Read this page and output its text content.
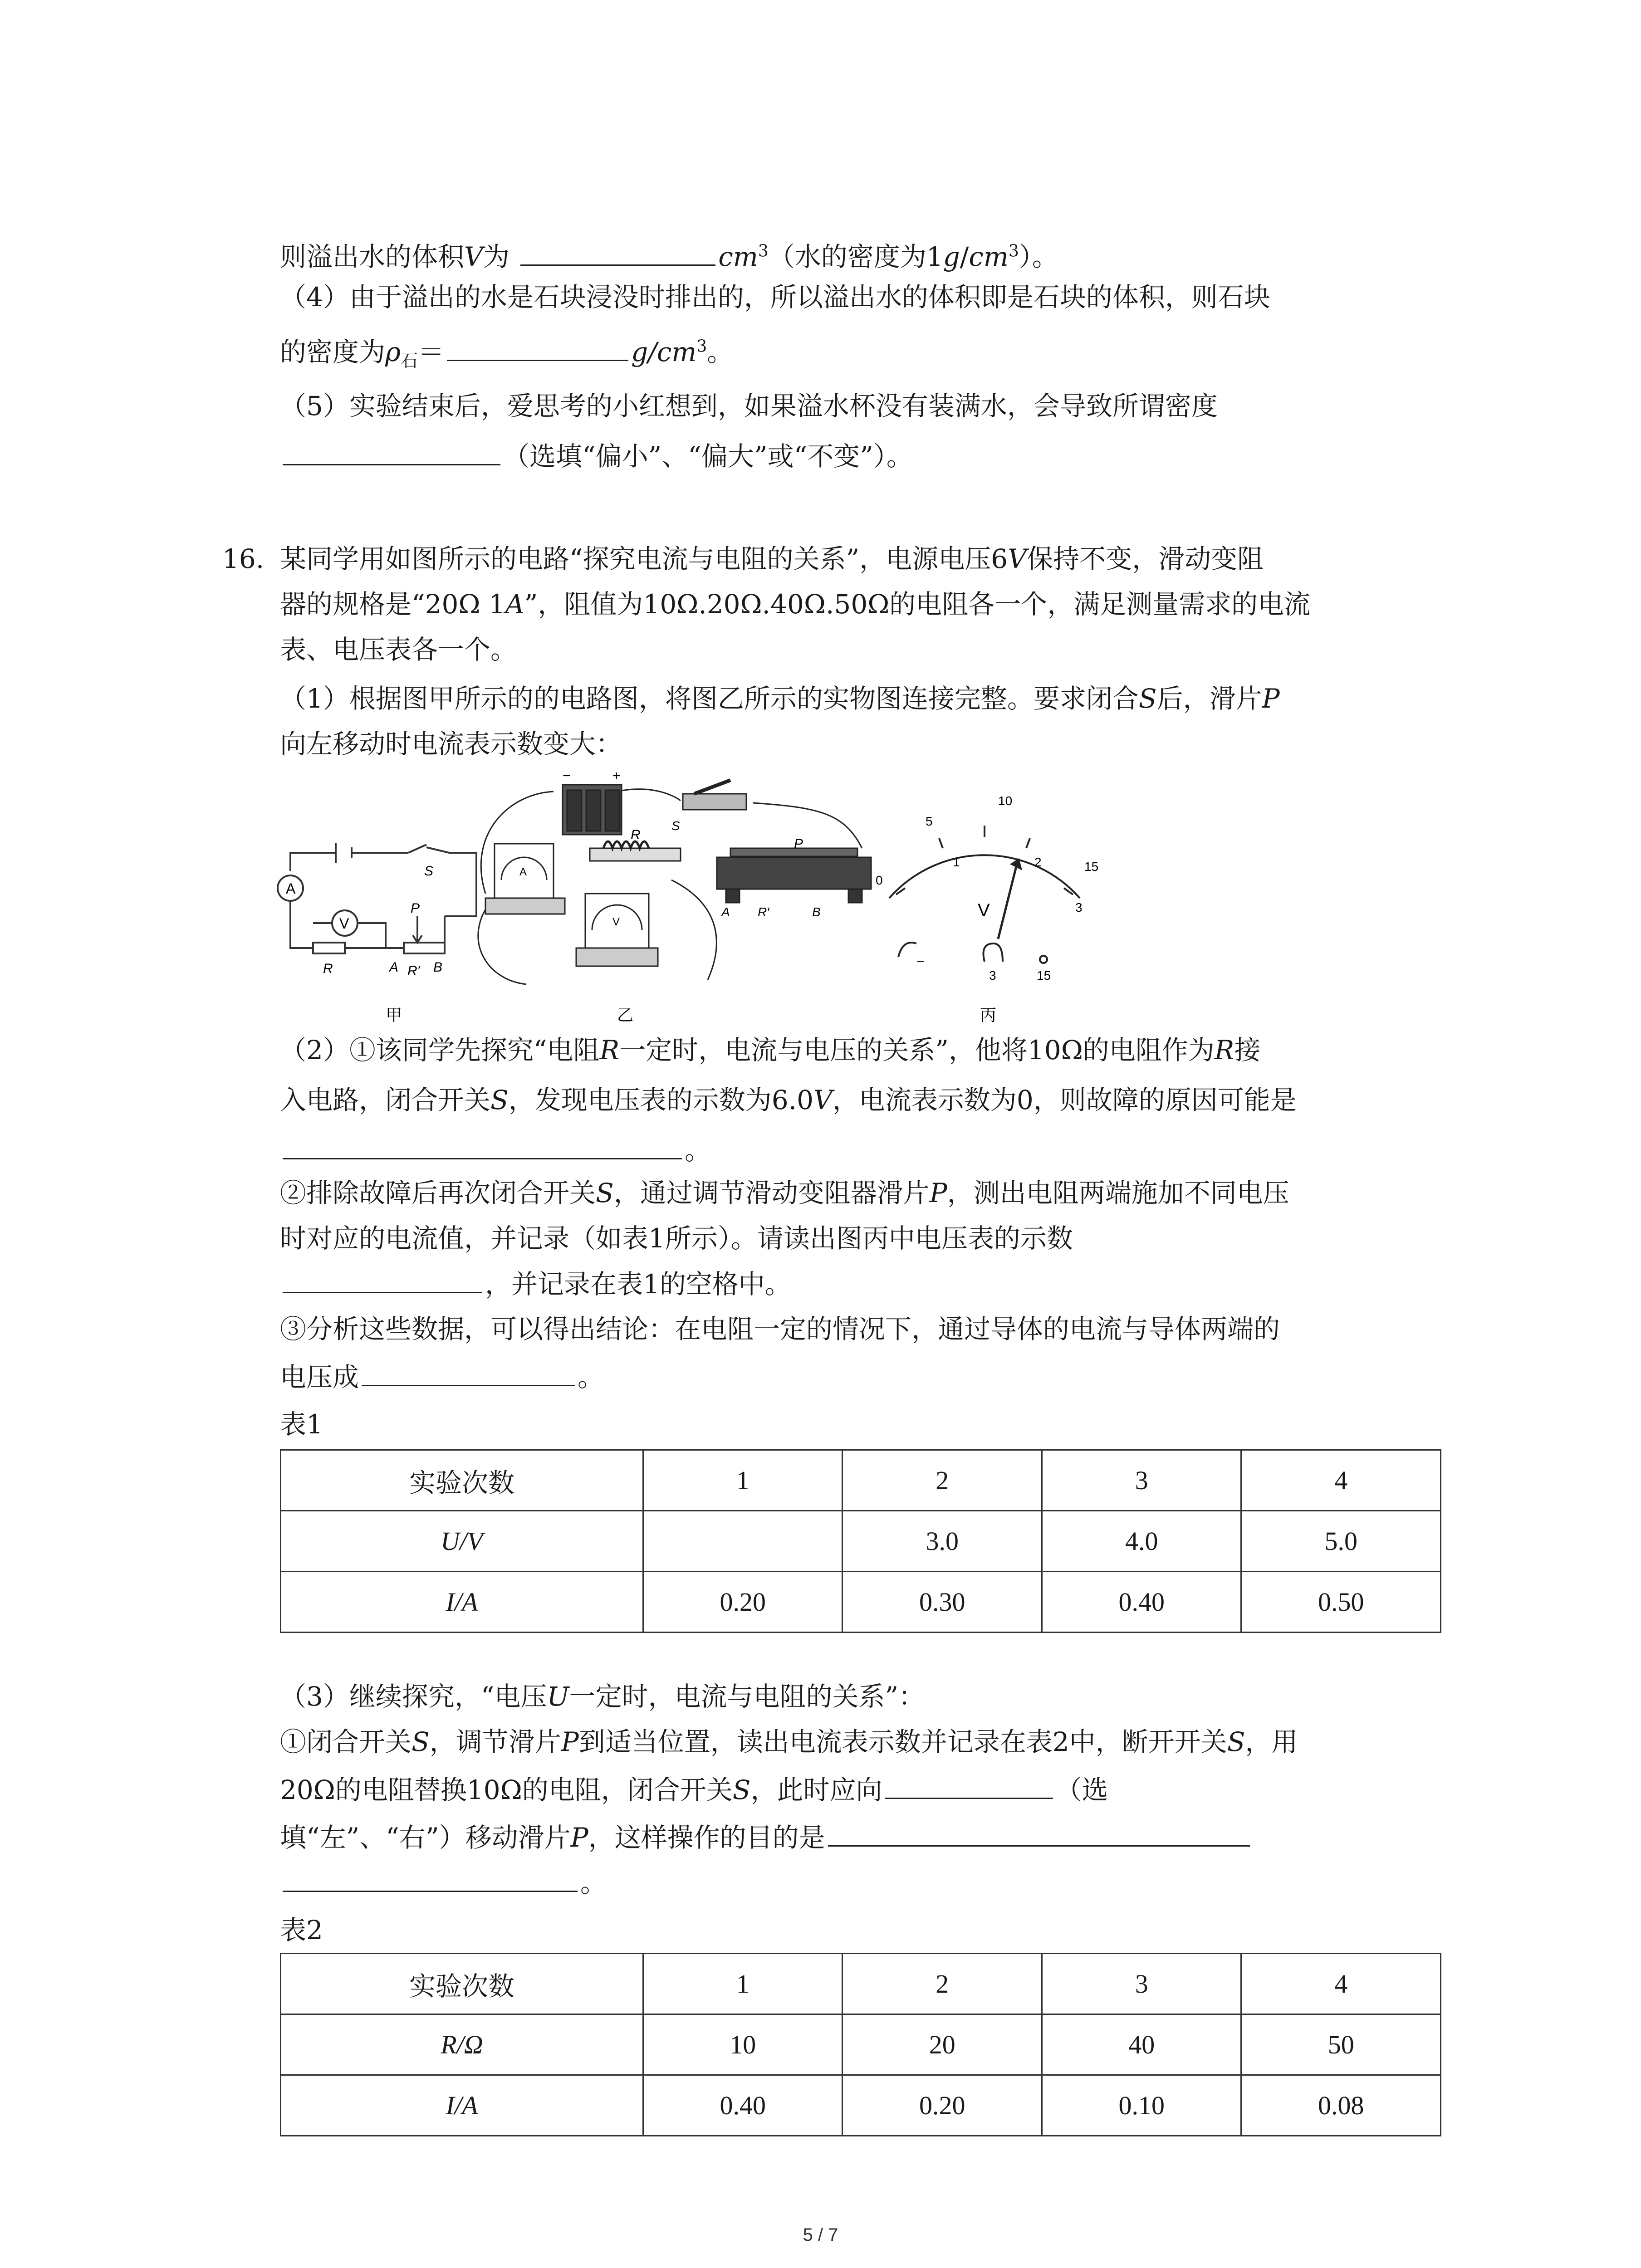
则溢出水的体积V为	$cm^3$（水的密度为$1g/cm^3$）。
（4）由于溢出的水是石块浸没时排出的，所以溢出水的体积即是石块的体积，则石块
的密度为$\rho_石=$	$g/cm^3$。
（5）实验结束后，爱思考的小红想到，如果溢水杯没有装满水，会导致所谓密度
（选填“偏小”、“偏大”或“不变”）。
16. 某同学用如图所示的电路“探究电流与电阻的关系”，电源电压6V保持不变，滑动变阻
器的规格是“20Ω 1A”，阻值为10Ω.20Ω.40Ω.50Ω的电阻各一个，满足测量需求的电流
表、电压表各一个。
（1）根据图甲所示的的电路图，将图乙所示的实物图连接完整。要求闭合S后，滑片P
向左移动时电流表示数变大：
A
V
S
R
P
A R′ B
甲
+
−
S
A
R
V
P
A R′	B
乙
0
5
10
15
1	2
3
V
−
3	15
丙
（2）①该同学先探究“电阻R一定时，电流与电压的关系”，他将10Ω的电阻作为R接
入电路，闭合开关S，发现电压表的示数为6.0V，电流表示数为0，则故障的原因可能是
。
②排除故障后再次闭合开关S，通过调节滑动变阻器滑片P，测出电阻两端施加不同电压
时对应的电流值，并记录（如表1所示）。请读出图丙中电压表的示数
，并记录在表1的空格中。
③分析这些数据，可以得出结论：在电阻一定的情况下，通过导体的电流与导体两端的
电压成	。
表1
实验次数	1	2	3	4
U/V		3.0	4.0	5.0
I/A	0.20	0.30	0.40	0.50
（3）继续探究，“电压U一定时，电流与电阻的关系”：
①闭合开关S，调节滑片P到适当位置，读出电流表示数并记录在表2中，断开开关S，用
20Ω的电阻替换10Ω的电阻，闭合开关S，此时应向	（选
填“左”、“右”）移动滑片P，这样操作的目的是
。
表2
实验次数	1	2	3	4
R/Ω	10	20	40	50
I/A	0.40	0.20	0.10	0.08
5 / 7
